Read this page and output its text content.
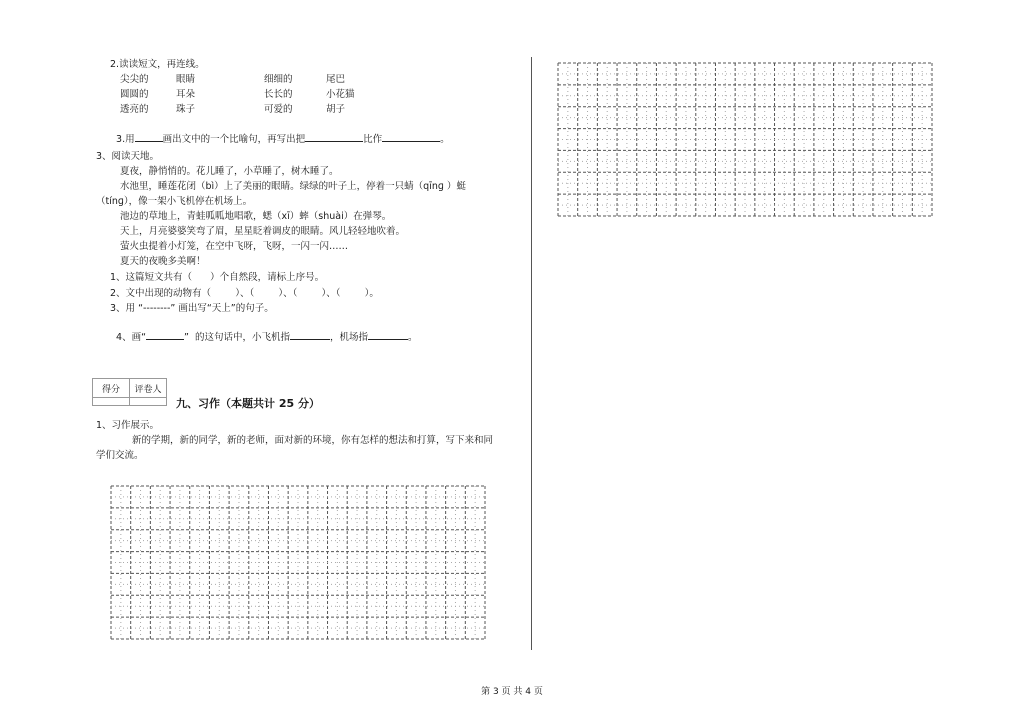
2.读读短文，再连线。
尖尖的	眼睛	细细的	尾巴
圆圆的	耳朵	长长的	小花猫
透亮的	珠子	可爱的	胡子

3.用	画出文中的一个比喻句，再写出把	比作	。

3、阅读天地。
夏夜，静悄悄的。花儿睡了，小草睡了，树木睡了。
水池里，睡莲花闭（bì）上了美丽的眼睛。绿绿的叶子上，停着一只蜻（qīnɡ ）蜓
（tínɡ），像一架小飞机停在机场上。
池边的草地上，青蛙呱呱地唱歌，蟋（xī）蟀（shuài）在弹琴。
天上，月亮婆婆笑弯了眉，星星眨着调皮的眼睛。风儿轻轻地吹着。
萤火虫提着小灯笼，在空中飞呀，飞呀，一闪一闪……
夏天的夜晚多美啊！
1、这篇短文共有（      ）个自然段，请标上序号。
2、文中出现的动物有（        ）、（        ）、（        ）、（        ）。
3、用 “--------” 画出写“天上”的句子。

4、画“	”  的这句话中，小飞机指	，机场指	。

得分	评卷人
九、习作（本题共计 25 分）
1、习作展示。
新的学期，新的同学，新的老师，面对新的环境，你有怎样的想法和打算，写下来和同
学们交流。
第 3 页 共 4 页
